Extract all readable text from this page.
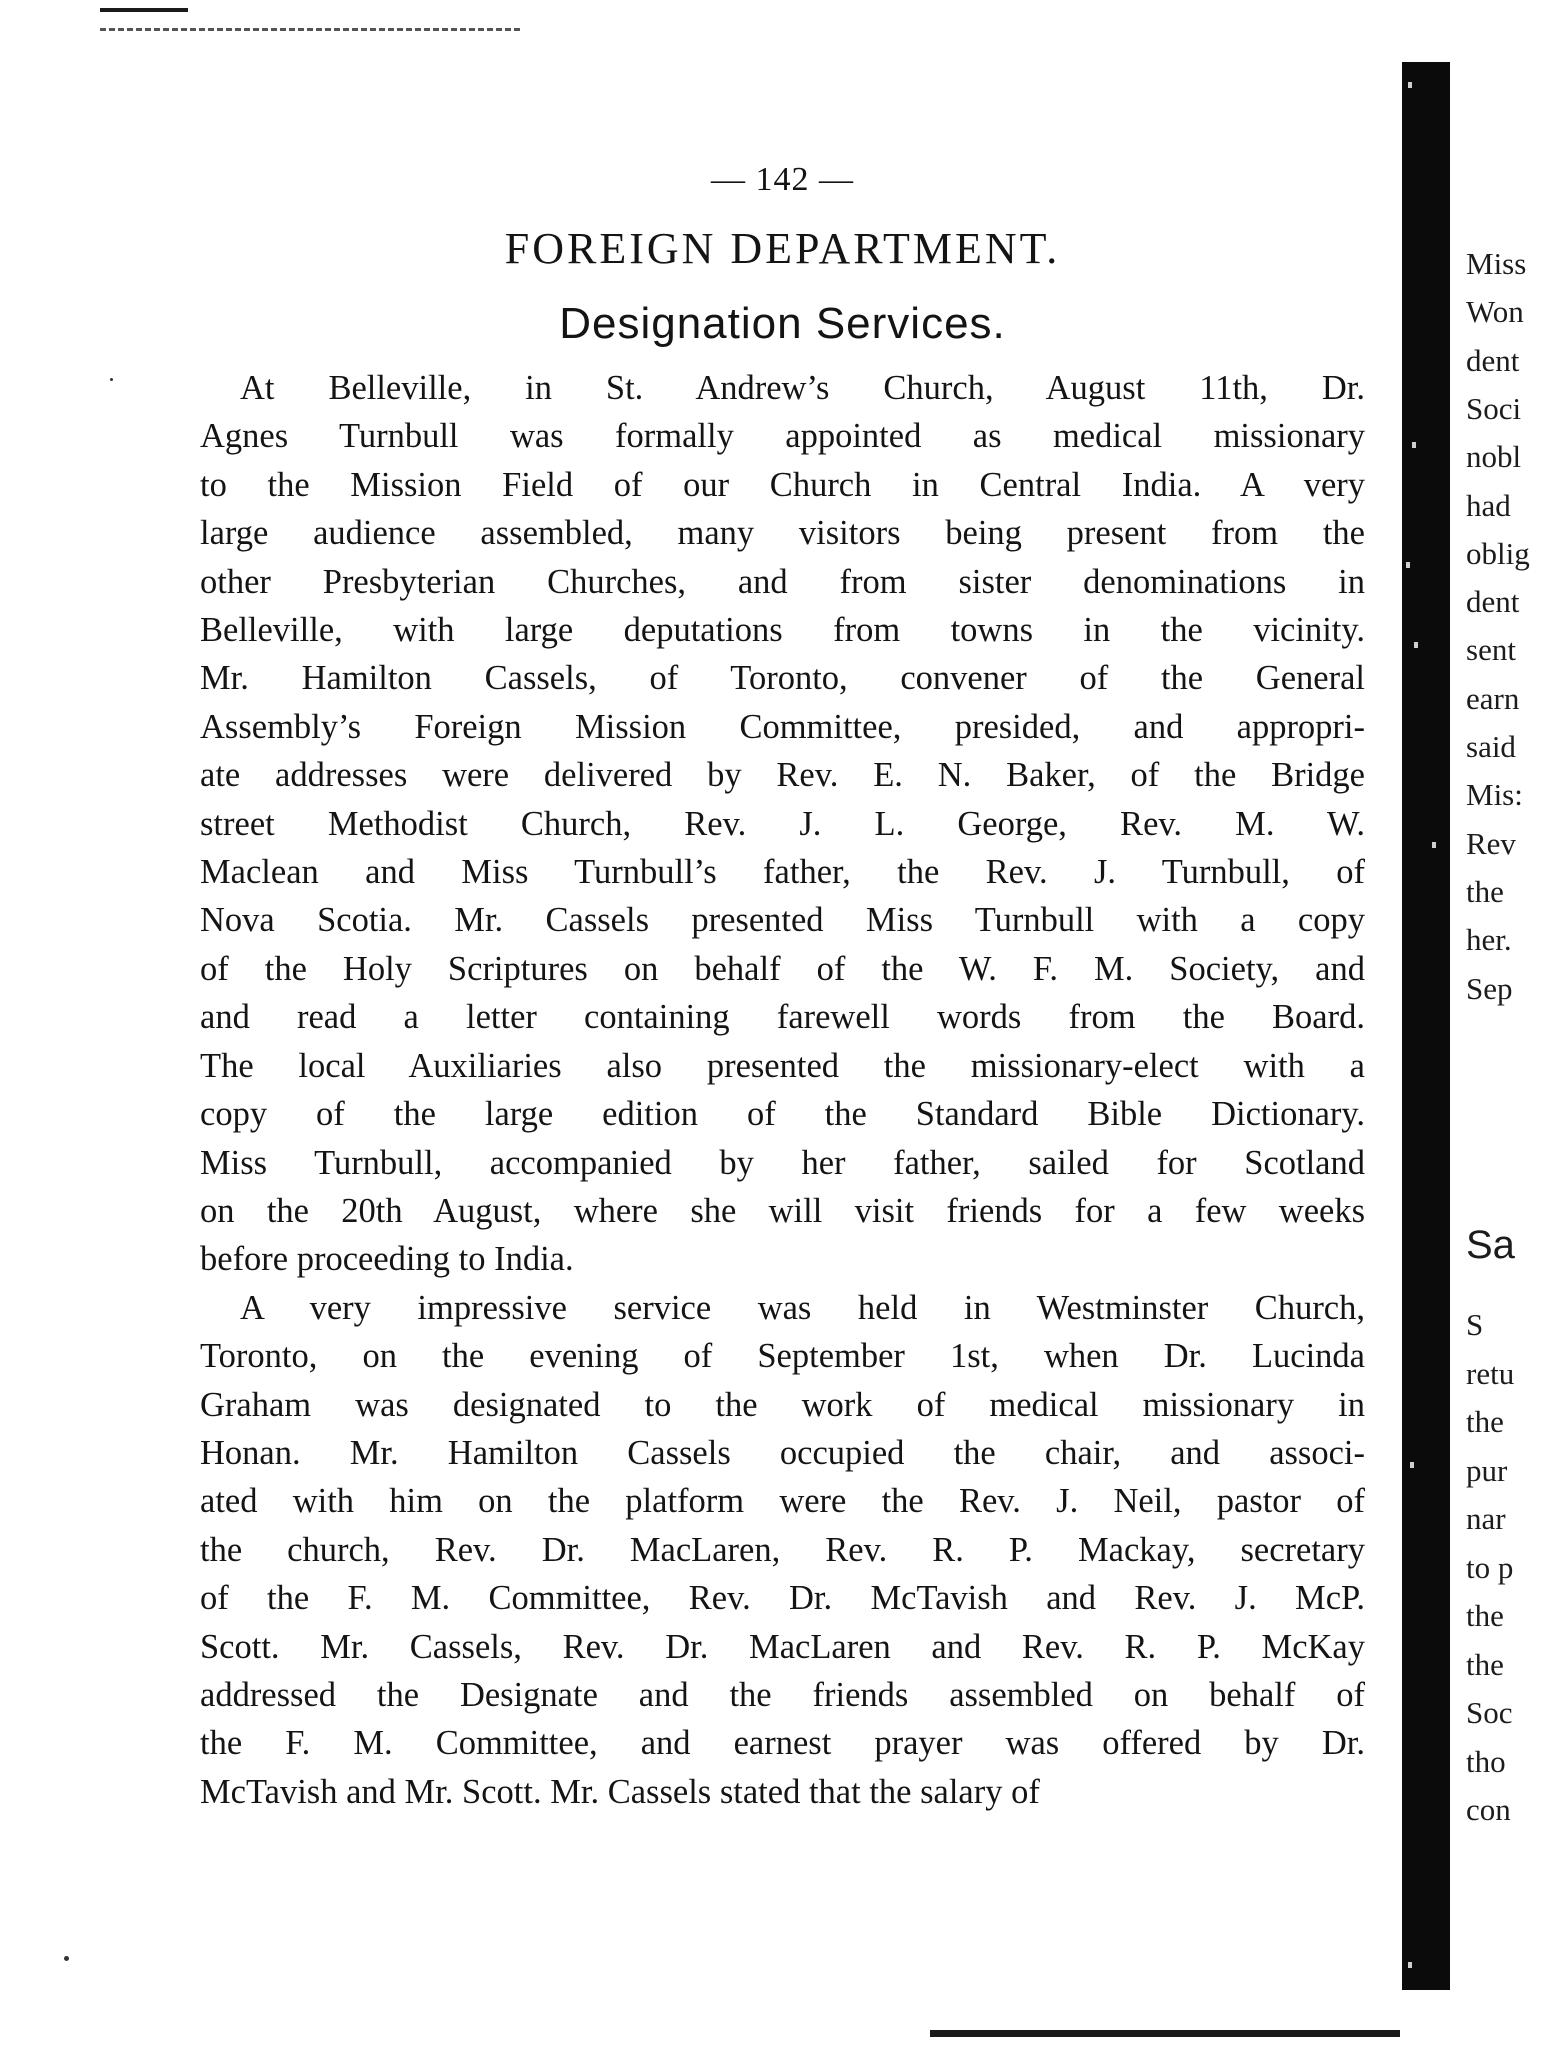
— 142 —
FOREIGN DEPARTMENT.
Designation Services.
At Belleville, in St. Andrew’s Church, August 11th, Dr.
Agnes Turnbull was formally appointed as medical missionary
to the Mission Field of our Church in Central India. A very
large audience assembled, many visitors being present from the
other Presbyterian Churches, and from sister denominations in
Belleville, with large deputations from towns in the vicinity.
Mr. Hamilton Cassels, of Toronto, convener of the General
Assembly’s Foreign Mission Committee, presided, and appropri-
ate addresses were delivered by Rev. E. N. Baker, of the Bridge
street Methodist Church, Rev. J. L. George, Rev. M. W.
Maclean and Miss Turnbull’s father, the Rev. J. Turnbull, of
Nova Scotia. Mr. Cassels presented Miss Turnbull with a copy
of the Holy Scriptures on behalf of the W. F. M. Society, and
and read a letter containing farewell words from the Board.
The local Auxiliaries also presented the missionary-elect with a
copy of the large edition of the Standard Bible Dictionary.
Miss Turnbull, accompanied by her father, sailed for Scotland
on the 20th August, where she will visit friends for a few weeks
before proceeding to India.
A very impressive service was held in Westminster Church,
Toronto, on the evening of September 1st, when Dr. Lucinda
Graham was designated to the work of medical missionary in
Honan. Mr. Hamilton Cassels occupied the chair, and associ-
ated with him on the platform were the Rev. J. Neil, pastor of
the church, Rev. Dr. MacLaren, Rev. R. P. Mackay, secretary
of the F. M. Committee, Rev. Dr. McTavish and Rev. J. McP.
Scott. Mr. Cassels, Rev. Dr. MacLaren and Rev. R. P. McKay
addressed the Designate and the friends assembled on behalf of
the F. M. Committee, and earnest prayer was offered by Dr.
McTavish and Mr. Scott. Mr. Cassels stated that the salary of
Miss
Won
dent
Soci
nobl
had
oblig
dent
sent
earn
said
Mis:
Rev
the
her.
Sep
Sa
S
retu
the
pur
nar
to p
the
the
Soc
tho
con
